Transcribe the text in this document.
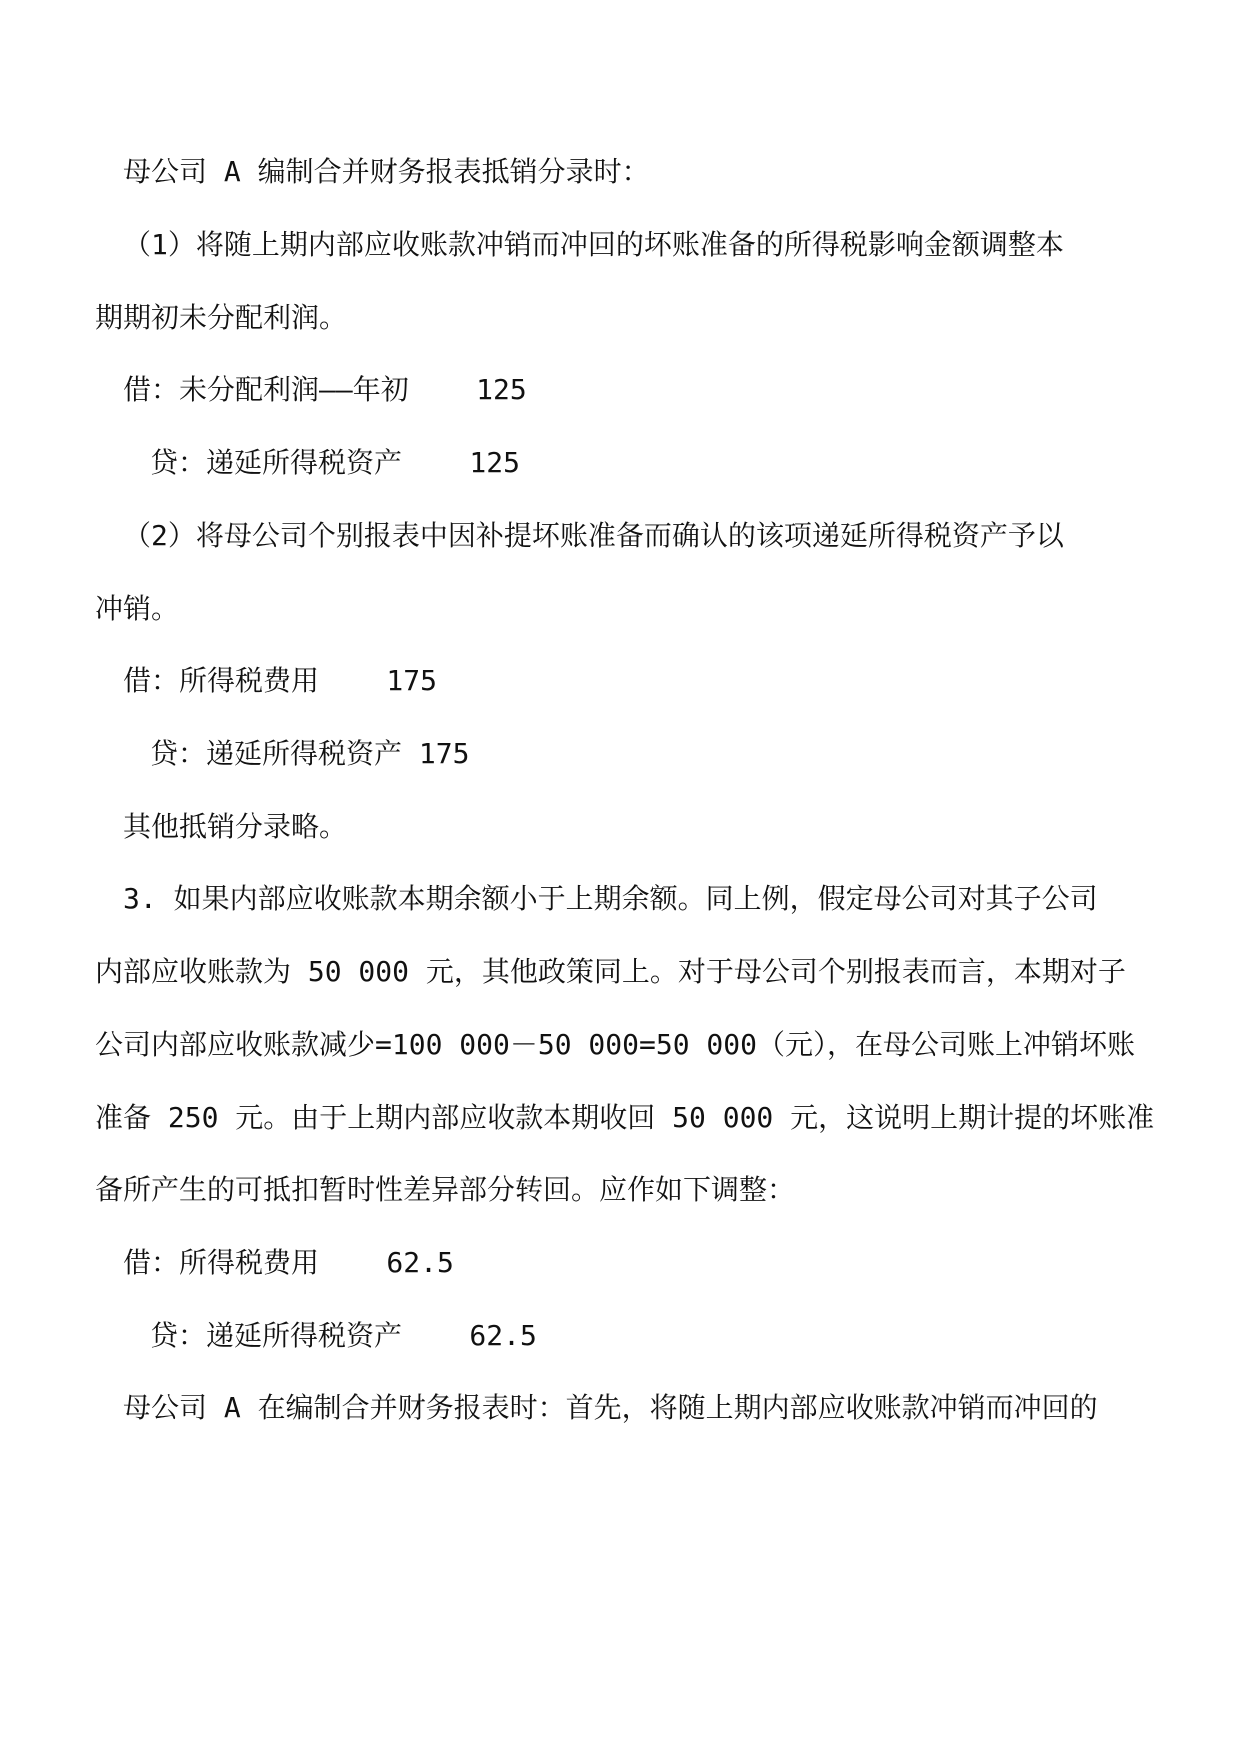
母公司 A 编制合并财务报表抵销分录时：
（1）将随上期内部应收账款冲销而冲回的坏账准备的所得税影响金额调整本
期期初未分配利润。
借：未分配利润——年初    125
贷：递延所得税资产    125
（2）将母公司个别报表中因补提坏账准备而确认的该项递延所得税资产予以
冲销。
借：所得税费用    175
贷：递延所得税资产 175
其他抵销分录略。
3. 如果内部应收账款本期余额小于上期余额。同上例，假定母公司对其子公司
内部应收账款为 50 000 元，其他政策同上。对于母公司个别报表而言，本期对子
公司内部应收账款减少=100 000－50 000=50 000（元），在母公司账上冲销坏账
准备 250 元。由于上期内部应收款本期收回 50 000 元，这说明上期计提的坏账准
备所产生的可抵扣暂时性差异部分转回。应作如下调整：
借：所得税费用    62.5
贷：递延所得税资产    62.5
母公司 A 在编制合并财务报表时：首先，将随上期内部应收账款冲销而冲回的
